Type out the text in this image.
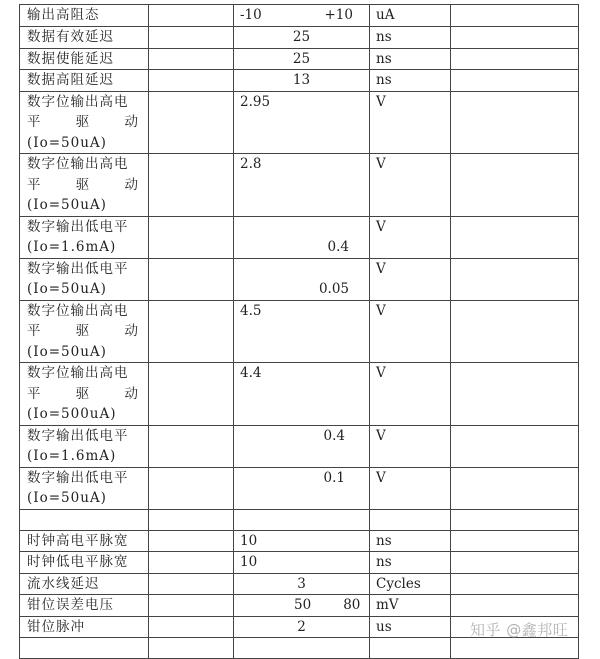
输出高阻态		-10 +10	uA	

数据有效延迟		25	ns	

数据使能延迟		25	ns	

数据高阻延迟		13	ns	

数字位输出高电
平 驱 动
(Io=50uA)		2.95	V	

数字位输出高电
平 驱 动
(Io=50uA)		2.8	V	

数字输出低电平
(Io=1.6mA)		0.4	V	

数字输出低电平
(Io=50uA)		0.05	V	

数字位输出高电
平 驱 动
(Io=50uA)		4.5	V	

数字位输出高电
平 驱 动
(Io=500uA)		4.4	V	

数字输出低电平
(Io=1.6mA)		0.4	V	

数字输出低电平
(Io=50uA)		0.1	V	

时钟高电平脉宽		10	ns	

时钟低电平脉宽		10	ns	

流水线延迟		3	Cycles	

钳位误差电压		50 80	mV	

钳位脉冲		2	us	

					知乎 @鑫邦旺
